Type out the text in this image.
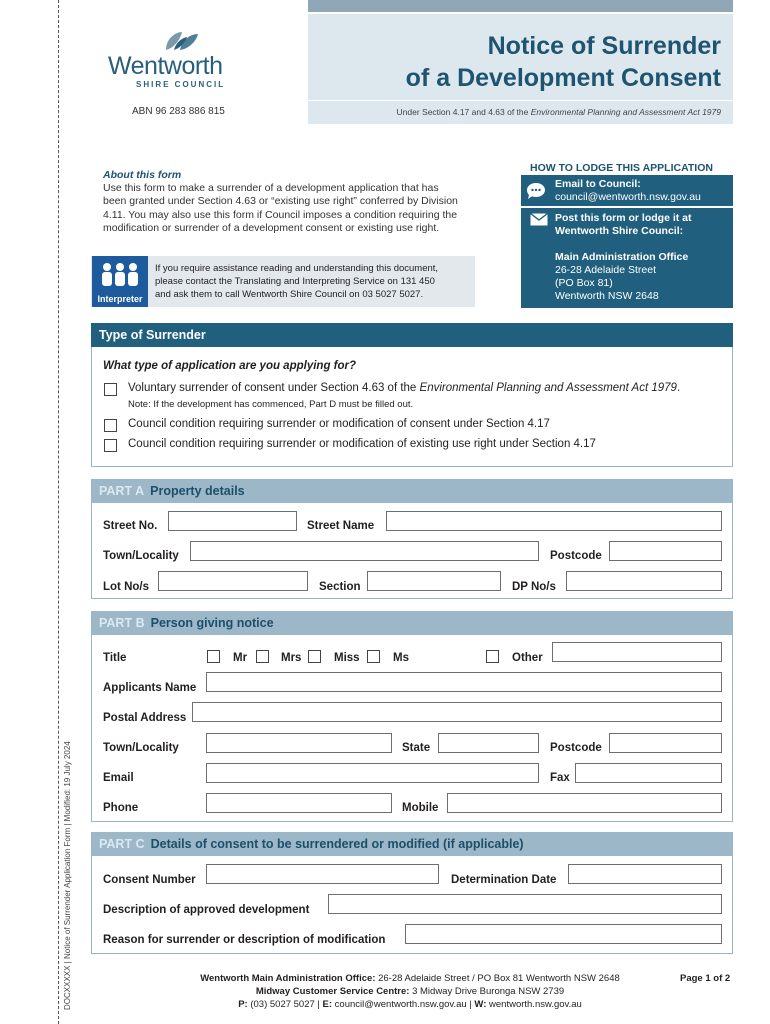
DOCXXXXX | Notice of Surrender Application Form | Modified: 19 July 2024
Wentworth
SHIRE COUNCIL
ABN 96 283 886 815
Notice of Surrender
of a Development Consent
Under Section 4.17 and 4.63 of the Environmental Planning and Assessment Act 1979
About this form
Use this form to make a surrender of a development application that has been granted under Section 4.63 or “existing use right” conferred by Division 4.11. You may also use this form if Council imposes a condition requiring the modification or surrender of a development consent or existing use right.
Interpreter
If you require assistance reading and understanding this document,
please contact the Translating and Interpreting Service on 131 450
and ask them to call Wentworth Shire Council on 03 5027 5027.
HOW TO LODGE THIS APPLICATION
Email to Council:
council@wentworth.nsw.gov.au
Post this form or lodge it at
Wentworth Shire Council:
Main Administration Office
26-28 Adelaide Street
(PO Box 81)
Wentworth NSW 2648
Type of Surrender
What type of application are you applying for?
Voluntary surrender of consent under Section 4.63 of the Environmental Planning and Assessment Act 1979.
Note: If the development has commenced, Part D must be filled out.
Council condition requiring surrender or modification of consent under Section 4.17
Council condition requiring surrender or modification of existing use right under Section 4.17
PART A Property details
Street No.	Street Name
Town/Locality	Postcode
Lot No/s	Section	DP No/s
PART B Person giving notice
Title	Mr	Mrs	Miss	Ms	Other
Applicants Name
Postal Address
Town/Locality	State	Postcode
Email	Fax
Phone	Mobile
PART C Details of consent to be surrendered or modified (if applicable)
Consent Number	Determination Date
Description of approved development
Reason for surrender or description of modification
Wentworth Main Administration Office: 26-28 Adelaide Street / PO Box 81 Wentworth NSW 2648
Midway Customer Service Centre: 3 Midway Drive Buronga NSW 2739
P: (03) 5027 5027 | E: council@wentworth.nsw.gov.au | W: wentworth.nsw.gov.au
Page 1 of 2
